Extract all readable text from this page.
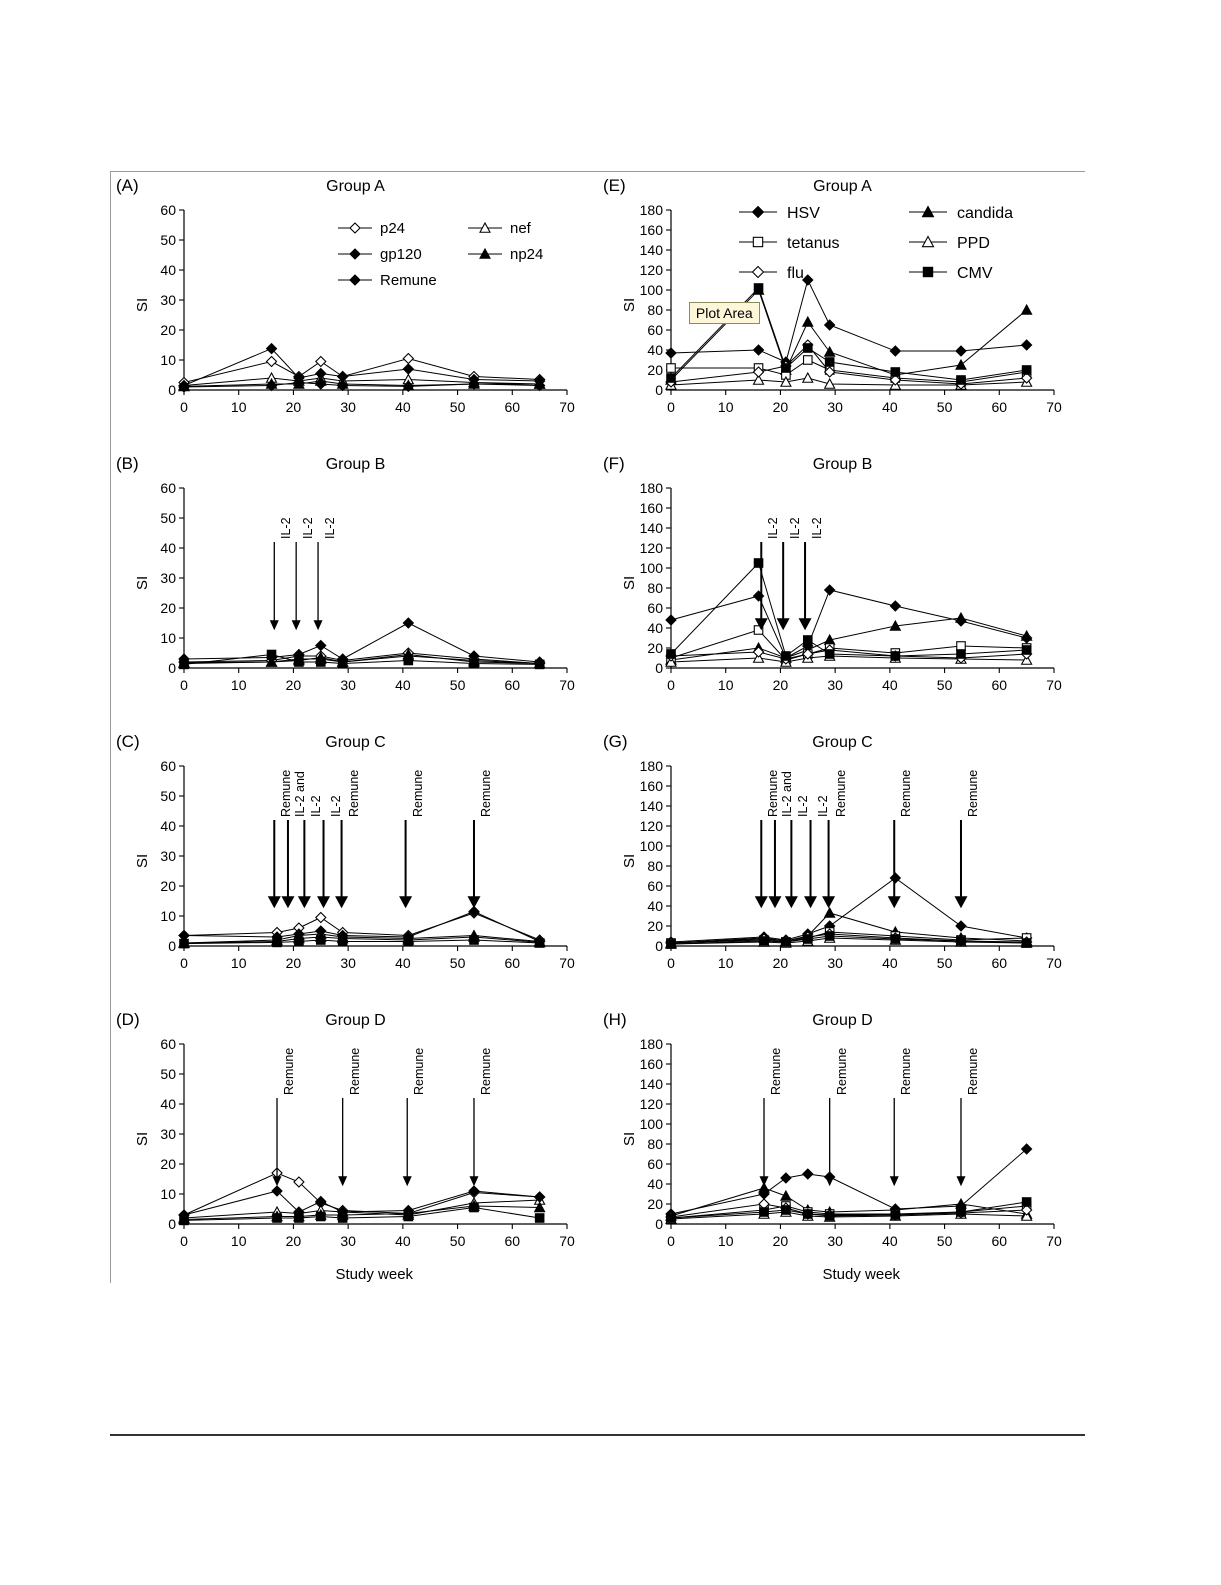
(A)	Group A
SI
0
10
20
30
40
50
60
0	10	20	30	40	50	60	70
p24	nef
gp120	np24
Remune
(B)	Group B
SI
0
10
20
30
40
50
60
0	10	20	30	40	50	60	70
IL-2 IL-2 IL-2
(C)	Group C
SI
0
10
20
30
40
50
60
0	10	20	30	40	50	60	70
Remune IL-2 and IL-2 IL-2 Remune	Remune	Remune
(D)	Group D
SI
Study week
0
10
20
30
40
50
60
0	10	20	30	40	50	60	70
Remune	Remune	Remune	Remune
(E)	Group A
SI
0
20
40
60
80
100
120
140
160
180
0	10	20	30	40	50	60	70
HSV	candida
tetanus	PPD
flu	CMV
Plot Area
(F)	Group B
SI
0
20
40
60
80
100
120
140
160
180
0	10	20	30	40	50	60	70
IL-2 IL-2 IL-2
(G)	Group C
SI
0
20
40
60
80
100
120
140
160
180
0	10	20	30	40	50	60	70
Remune IL-2 and IL-2 IL-2 Remune	Remune	Remune
(H)	Group D
SI
Study week
0
20
40
60
80
100
120
140
160
180
0	10	20	30	40	50	60	70
Remune	Remune	Remune	Remune
